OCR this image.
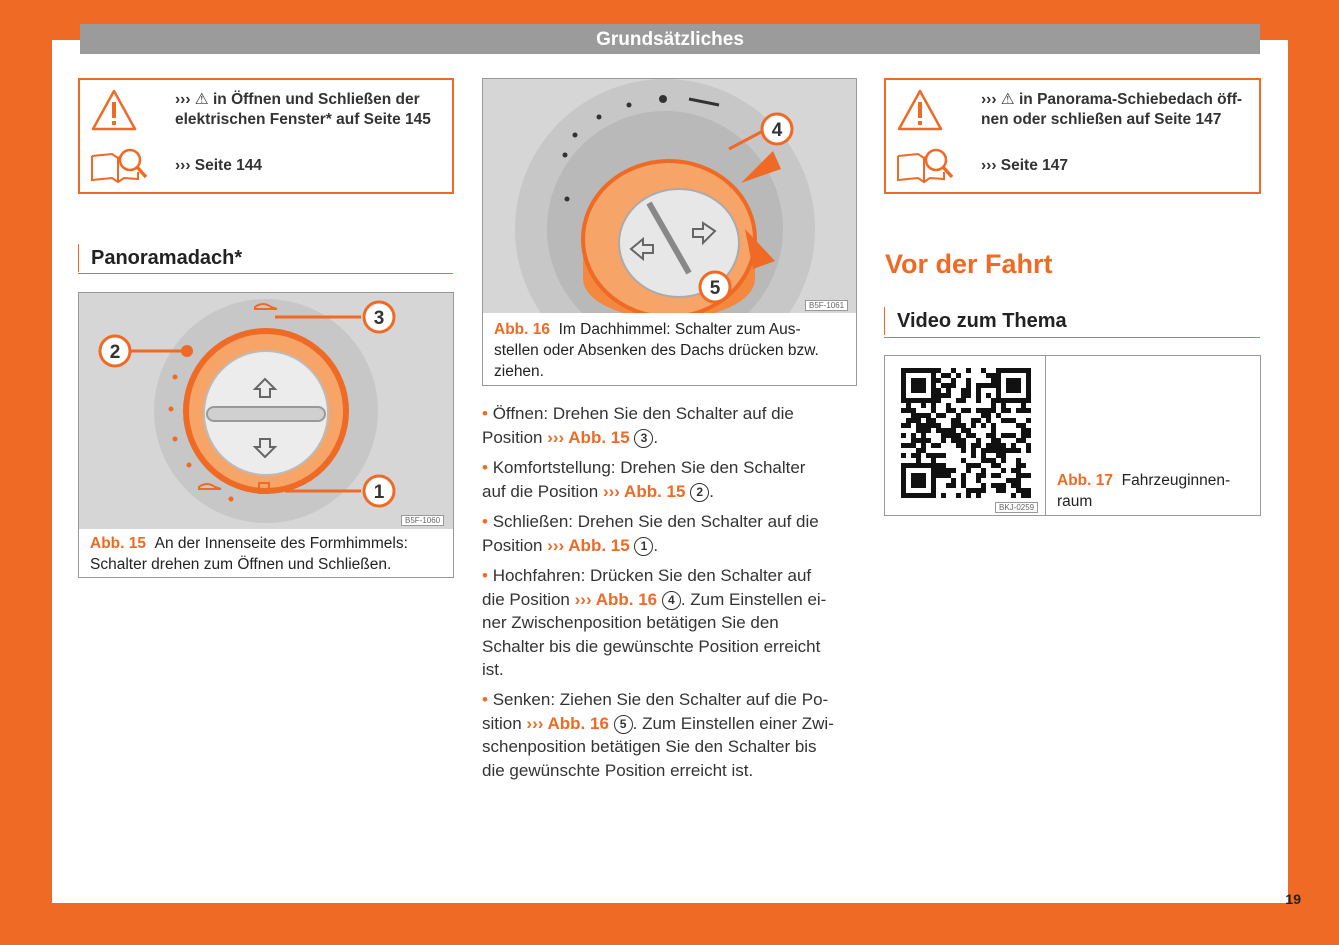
Grundsätzliches
››› ⚠ in Öffnen und Schließen der
elektrischen Fenster* auf Seite 145
››› Seite 144
Panoramadach*
2
3
1
B5F-1060
Abb. 15 An der Innenseite des Formhimmels:
Schalter drehen zum Öffnen und Schließen.
4
5
B5F-1061
Abb. 16 Im Dachhimmel: Schalter zum Aus-
stellen oder Absenken des Dachs drücken bzw.
ziehen.
• Öffnen: Drehen Sie den Schalter auf die
Position ››› Abb. 15 3 .
• Komfortstellung: Drehen Sie den Schalter
auf die Position ››› Abb. 15 2 .
• Schließen: Drehen Sie den Schalter auf die
Position ››› Abb. 15 1 .
• Hochfahren: Drücken Sie den Schalter auf
die Position ››› Abb. 16 4 . Zum Einstellen ei-
ner Zwischenposition betätigen Sie den
Schalter bis die gewünschte Position erreicht
ist.
• Senken: Ziehen Sie den Schalter auf die Po-
sition ››› Abb. 16 5 . Zum Einstellen einer Zwi-
schenposition betätigen Sie den Schalter bis
die gewünschte Position erreicht ist.
››› ⚠ in Panorama-Schiebedach öff-
nen oder schließen auf Seite 147
››› Seite 147
Vor der Fahrt
Video zum Thema
BKJ-0259
Abb. 17 Fahrzeuginnen-
raum
19
